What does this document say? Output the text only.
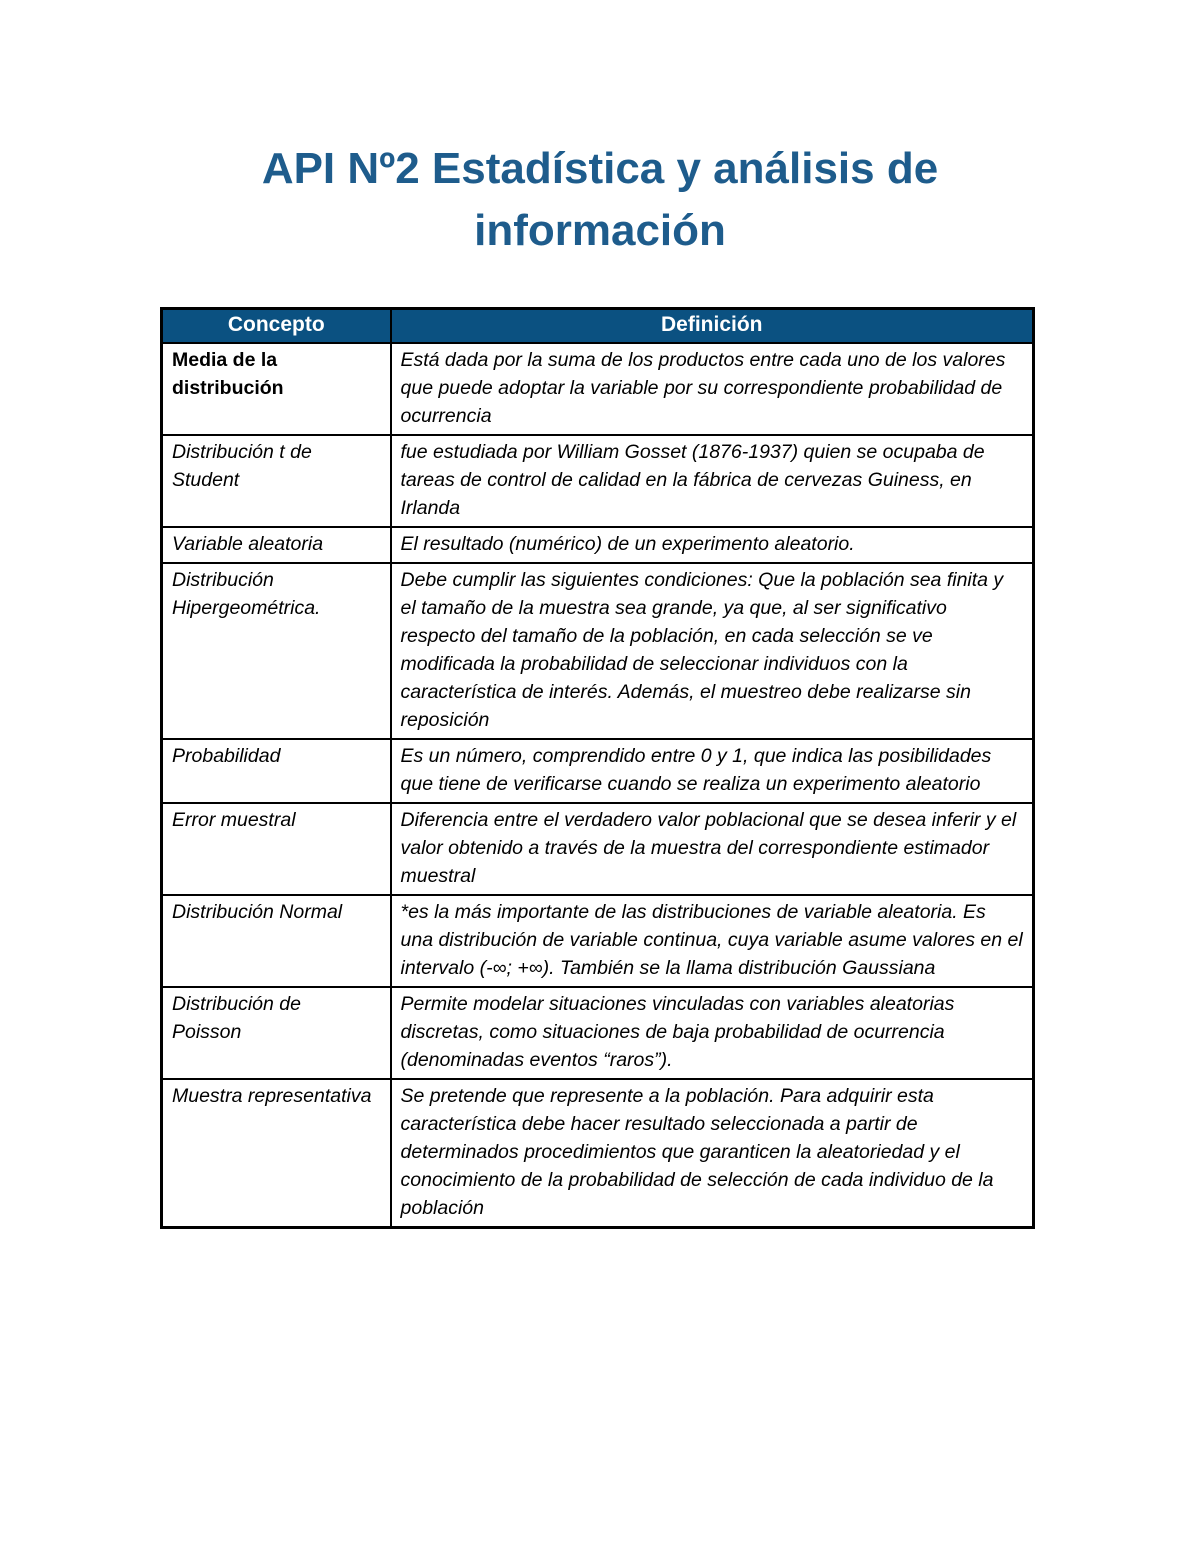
API Nº2 Estadística y análisis de información
Concepto	Definición
Media de la distribución	Está dada por la suma de los productos entre cada uno de los valores que puede adoptar la variable por su correspondiente probabilidad de ocurrencia
Distribución t de Student	fue estudiada por William Gosset (1876-1937) quien se ocupaba de tareas de control de calidad en la fábrica de cervezas Guiness, en Irlanda
Variable aleatoria	El resultado (numérico) de un experimento aleatorio.
Distribución Hipergeométrica.	Debe cumplir las siguientes condiciones: Que la población sea finita y el tamaño de la muestra sea grande, ya que, al ser significativo respecto del tamaño de la población, en cada selección se ve modificada la probabilidad de seleccionar individuos con la característica de interés. Además, el muestreo debe realizarse sin reposición
Probabilidad	Es un número, comprendido entre 0 y 1, que indica las posibilidades que tiene de verificarse cuando se realiza un experimento aleatorio
Error muestral	Diferencia entre el verdadero valor poblacional que se desea inferir y el valor obtenido a través de la muestra del correspondiente estimador muestral
Distribución Normal	*es la más importante de las distribuciones de variable aleatoria. Es una distribución de variable continua, cuya variable asume valores en el intervalo (-∞; +∞). También se la llama distribución Gaussiana
Distribución de Poisson	Permite modelar situaciones vinculadas con variables aleatorias discretas, como situaciones de baja probabilidad de ocurrencia (denominadas eventos “raros”).
Muestra representativa	Se pretende que represente a la población. Para adquirir esta característica debe hacer resultado seleccionada a partir de determinados procedimientos que garanticen la aleatoriedad y el conocimiento de la probabilidad de selección de cada individuo de la población
